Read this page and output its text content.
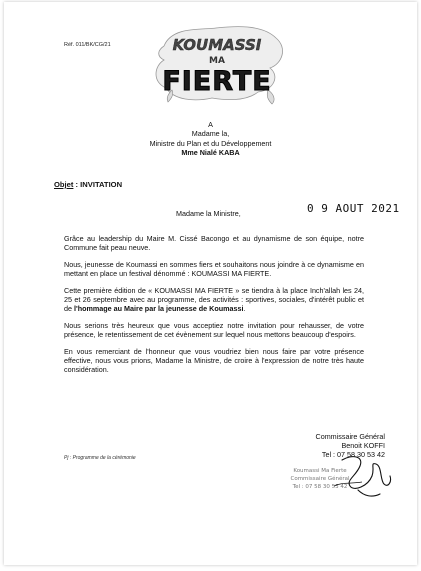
Réf. 011/BK/CG/21	KOUMASSI
MA
FIERTE
A
Madame la,
Ministre du Plan et du Développement
Mme Nialé KABA
Objet : INVITATION
0 9 AOUT 2021
Madame la Ministre,

Grâce au leadership du Maire M. Cissé Bacongo et au dynamisme de son équipe, notre Commune fait peau neuve.

Nous, jeunesse de Koumassi en sommes fiers et souhaitons nous joindre à ce dynamisme en mettant en place un festival dénommé : KOUMASSI MA FIERTE.

Cette première édition de « KOUMASSI MA FIERTE » se tiendra à la place Inch'allah les 24, 25 et 26 septembre avec au programme, des activités : sportives, sociales, d'intérêt public et de l'hommage au Maire par la jeunesse de Koumassi.

Nous serions très heureux que vous acceptiez notre invitation pour rehausser, de votre présence, le retentissement de cet évènement sur lequel nous mettons beaucoup d'espoirs.

En vous remerciant de l'honneur que vous voudriez bien nous faire par votre présence effective, nous vous prions, Madame la Ministre, de croire à l'expression de notre très haute considération.

Commissaire Général
Benoit KOFFI
Tel : 07 58 30 53 42
Koumassi Ma Fierte
Commissaire Général
Tel : 07 58 30 53 42
Pj : Programme de la cérémonie
